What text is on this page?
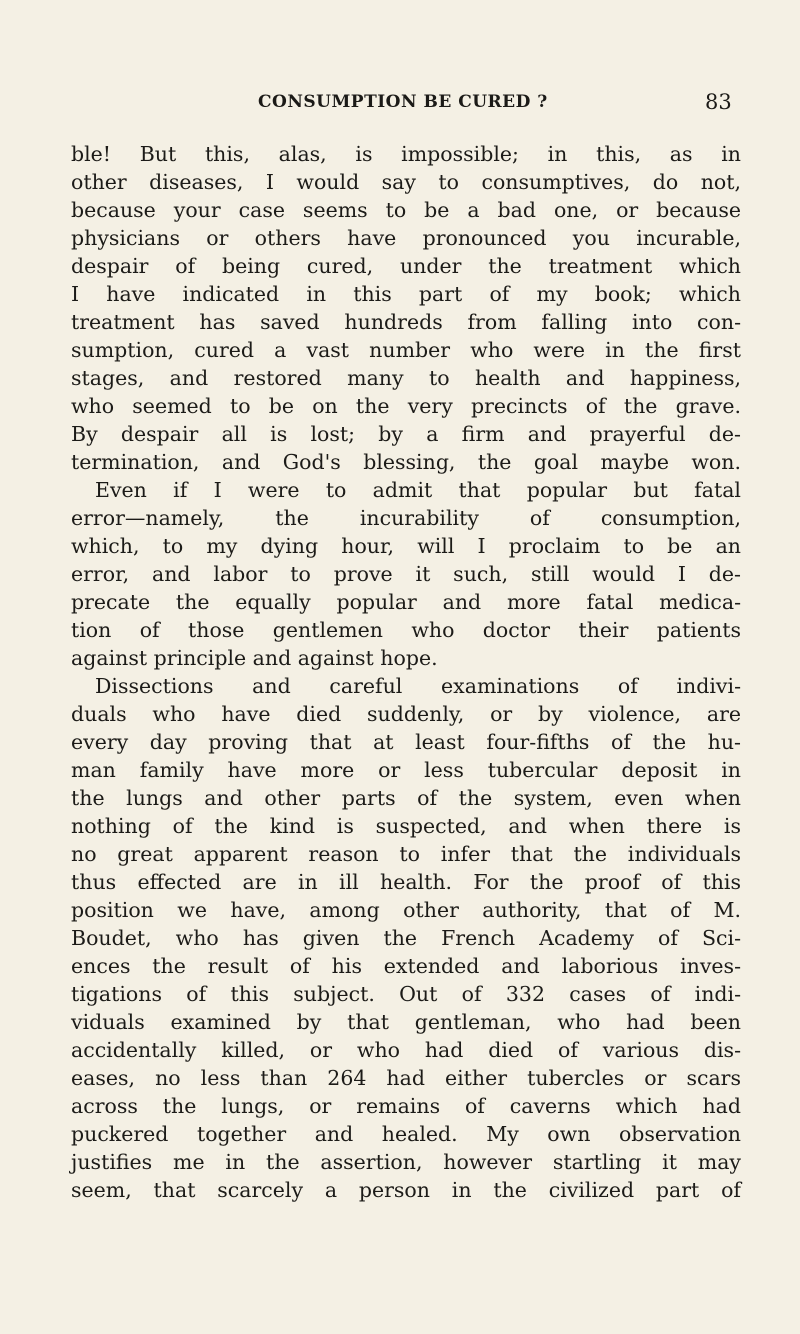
CONSUMPTION BE CURED ?	83
ble! But this, alas, is impossible; in this, as in
other diseases, I would say to consumptives, do not,
because your case seems to be a bad one, or because
physicians or others have pronounced you incurable,
despair of being cured, under the treatment which
I have indicated in this part of my book; which
treatment has saved hundreds from falling into con-
sumption, cured a vast number who were in the first
stages, and restored many to health and happiness,
who seemed to be on the very precincts of the grave.
By despair all is lost; by a firm and prayerful de-
termination, and God's blessing, the goal maybe won.
Even if I were to admit that popular but fatal
error—namely, the incurability of consumption,
which, to my dying hour, will I proclaim to be an
error, and labor to prove it such, still would I de-
precate the equally popular and more fatal medica-
tion of those gentlemen who doctor their patients
against principle and against hope.
Dissections and careful examinations of indivi-
duals who have died suddenly, or by violence, are
every day proving that at least four-fifths of the hu-
man family have more or less tubercular deposit in
the lungs and other parts of the system, even when
nothing of the kind is suspected, and when there is
no great apparent reason to infer that the individuals
thus effected are in ill health. For the proof of this
position we have, among other authority, that of M.
Boudet, who has given the French Academy of Sci-
ences the result of his extended and laborious inves-
tigations of this subject. Out of 332 cases of indi-
viduals examined by that gentleman, who had been
accidentally killed, or who had died of various dis-
eases, no less than 264 had either tubercles or scars
across the lungs, or remains of caverns which had
puckered together and healed. My own observation
justifies me in the assertion, however startling it may
seem, that scarcely a person in the civilized part of
